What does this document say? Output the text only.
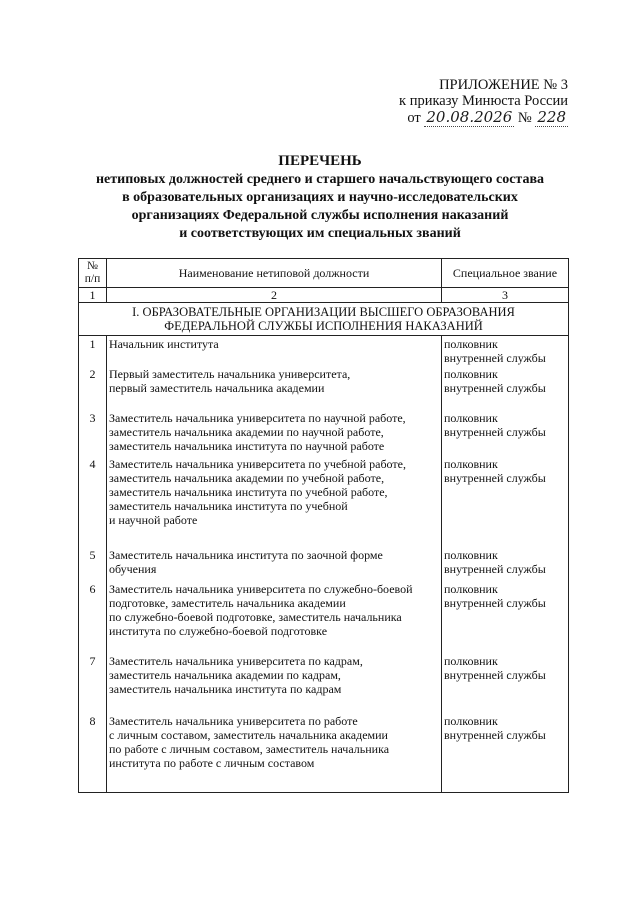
ПРИЛОЖЕНИЕ № 3
к приказу Минюста России
от 20.08.2026 № 228
ПЕРЕЧЕНЬ
нетиповых должностей среднего и старшего начальствующего состава
в образовательных организациях и научно-исследовательских
организациях Федеральной службы исполнения наказаний
и соответствующих им специальных званий
№
п/п	Наименование нетиповой должности	Специальное звание
1	2	3

I. ОБРАЗОВАТЕЛЬНЫЕ ОРГАНИЗАЦИИ ВЫСШЕГО ОБРАЗОВАНИЯ
ФЕДЕРАЛЬНОЙ СЛУЖБЫ ИСПОЛНЕНИЯ НАКАЗАНИЙ		

1	Начальник института	полковник
внутренней службы

2	Первый заместитель начальника университета,
первый заместитель начальника академии	полковник
внутренней службы

3	Заместитель начальника университета по научной работе,
заместитель начальника академии по научной работе,
заместитель начальника института по научной работе	полковник
внутренней службы

4	Заместитель начальника университета по учебной работе,
заместитель начальника академии по учебной работе,
заместитель начальника института по учебной работе,
заместитель начальника института по учебной
и научной работе	полковник
внутренней службы

5	Заместитель начальника института по заочной форме
обучения	полковник
внутренней службы

6	Заместитель начальника университета по служебно-боевой
подготовке, заместитель начальника академии
по служебно-боевой подготовке, заместитель начальника
института по служебно-боевой подготовке	полковник
внутренней службы

7	Заместитель начальника университета по кадрам,
заместитель начальника академии по кадрам,
заместитель начальника института по кадрам	полковник
внутренней службы

8	Заместитель начальника университета по работе
с личным составом, заместитель начальника академии
по работе с личным составом, заместитель начальника
института по работе с личным составом	полковник
внутренней службы
